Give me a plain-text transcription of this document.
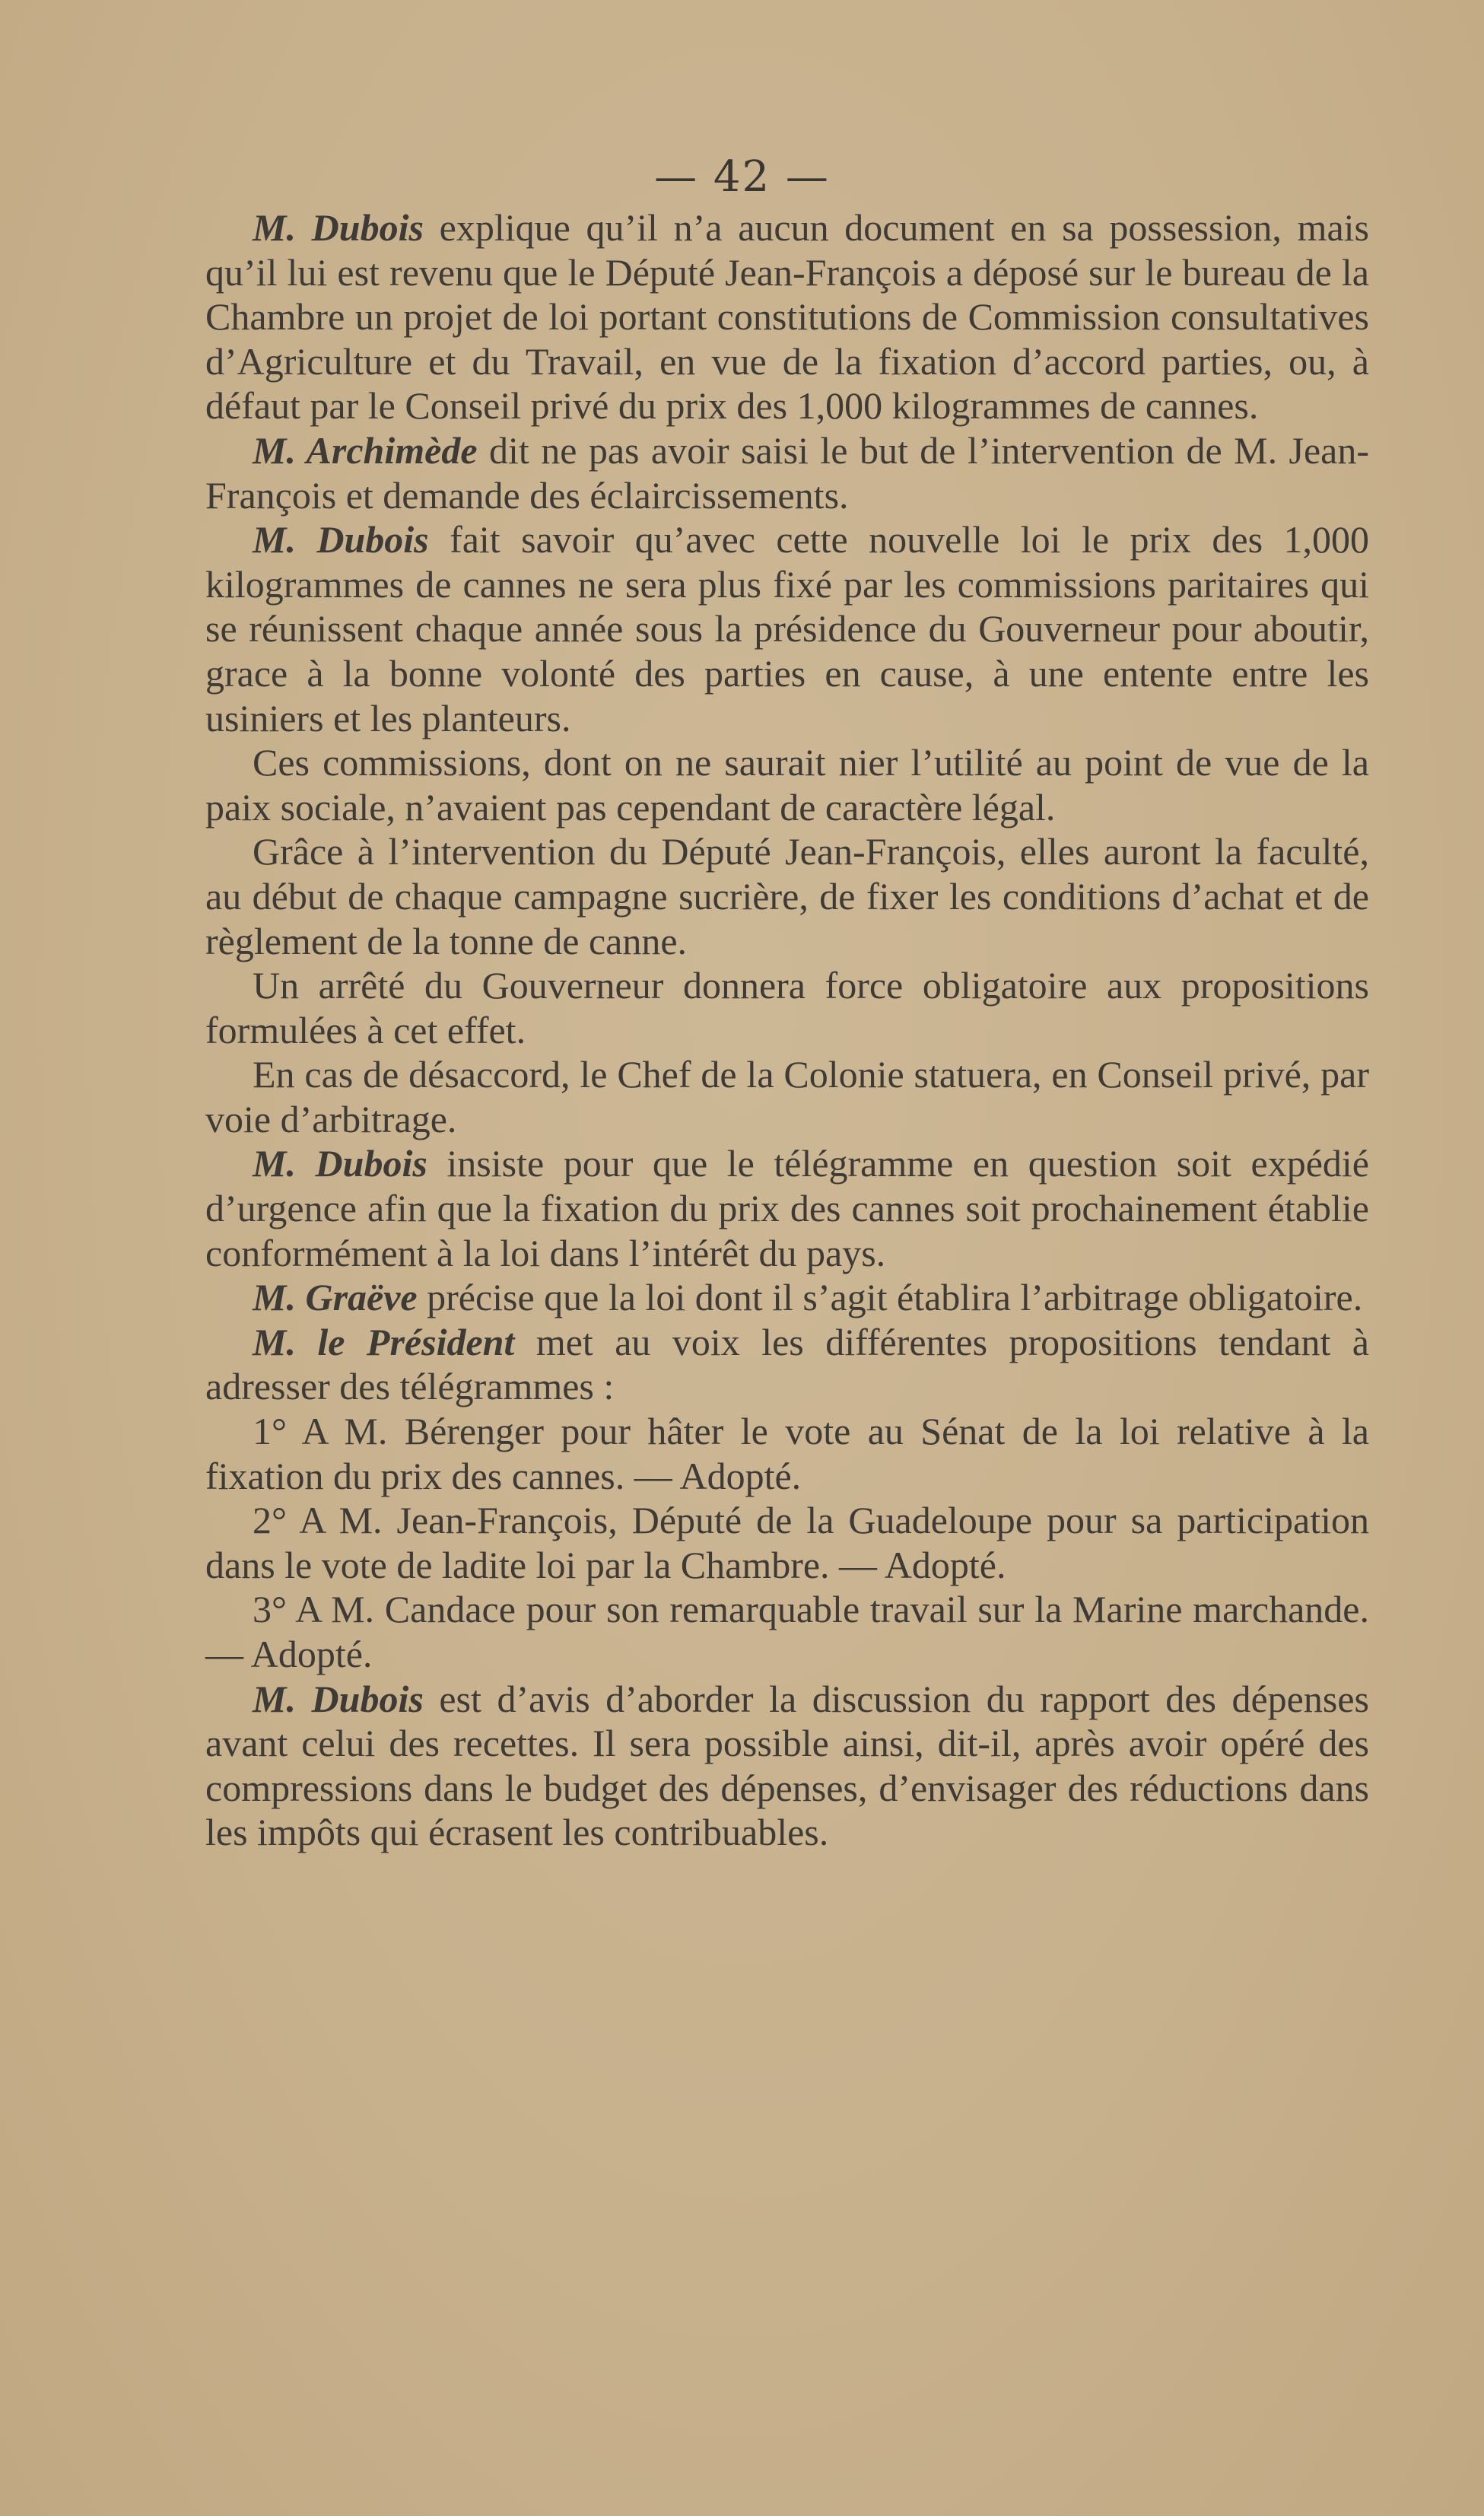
— 42 —

M. Dubois explique qu’il n’a aucun document en sa possession, mais qu’il lui est revenu que le Député Jean-François a déposé sur le bureau de la Chambre un projet de loi portant constitutions de Commission consultatives d’Agriculture et du Travail, en vue de la fixation d’accord parties, ou, à défaut par le Conseil privé du prix des 1,000 kilogrammes de cannes.

M. Archimède dit ne pas avoir saisi le but de l’intervention de M. Jean-François et demande des éclaircissements.

M. Dubois fait savoir qu’avec cette nouvelle loi le prix des 1,000 kilogrammes de cannes ne sera plus fixé par les commissions paritaires qui se réunissent chaque année sous la présidence du Gouverneur pour aboutir, grace à la bonne volonté des parties en cause, à une entente entre les usiniers et les planteurs.

Ces commissions, dont on ne saurait nier l’utilité au point de vue de la paix sociale, n’avaient pas cependant de caractère légal.

Grâce à l’intervention du Député Jean-François, elles auront la faculté, au début de chaque campagne sucrière, de fixer les conditions d’achat et de règlement de la tonne de canne.

Un arrêté du Gouverneur donnera force obligatoire aux propositions formulées à cet effet.

En cas de désaccord, le Chef de la Colonie statuera, en Conseil privé, par voie d’arbitrage.

M. Dubois insiste pour que le télégramme en question soit expédié d’urgence afin que la fixation du prix des cannes soit prochainement établie conformément à la loi dans l’intérêt du pays.

M. Graëve précise que la loi dont il s’agit établira l’arbitrage obligatoire.

M. le Président met au voix les différentes propositions tendant à adresser des télégrammes :

1° A M. Bérenger pour hâter le vote au Sénat de la loi relative à la fixation du prix des cannes. — Adopté.

2° A M. Jean-François, Député de la Guadeloupe pour sa participation dans le vote de ladite loi par la Chambre. — Adopté.

3° A M. Candace pour son remarquable travail sur la Marine marchande. — Adopté.

M. Dubois est d’avis d’aborder la discussion du rapport des dépenses avant celui des recettes. Il sera possible ainsi, dit-il, après avoir opéré des compressions dans le budget des dépenses, d’envisager des réductions dans les impôts qui écrasent les contribuables.
